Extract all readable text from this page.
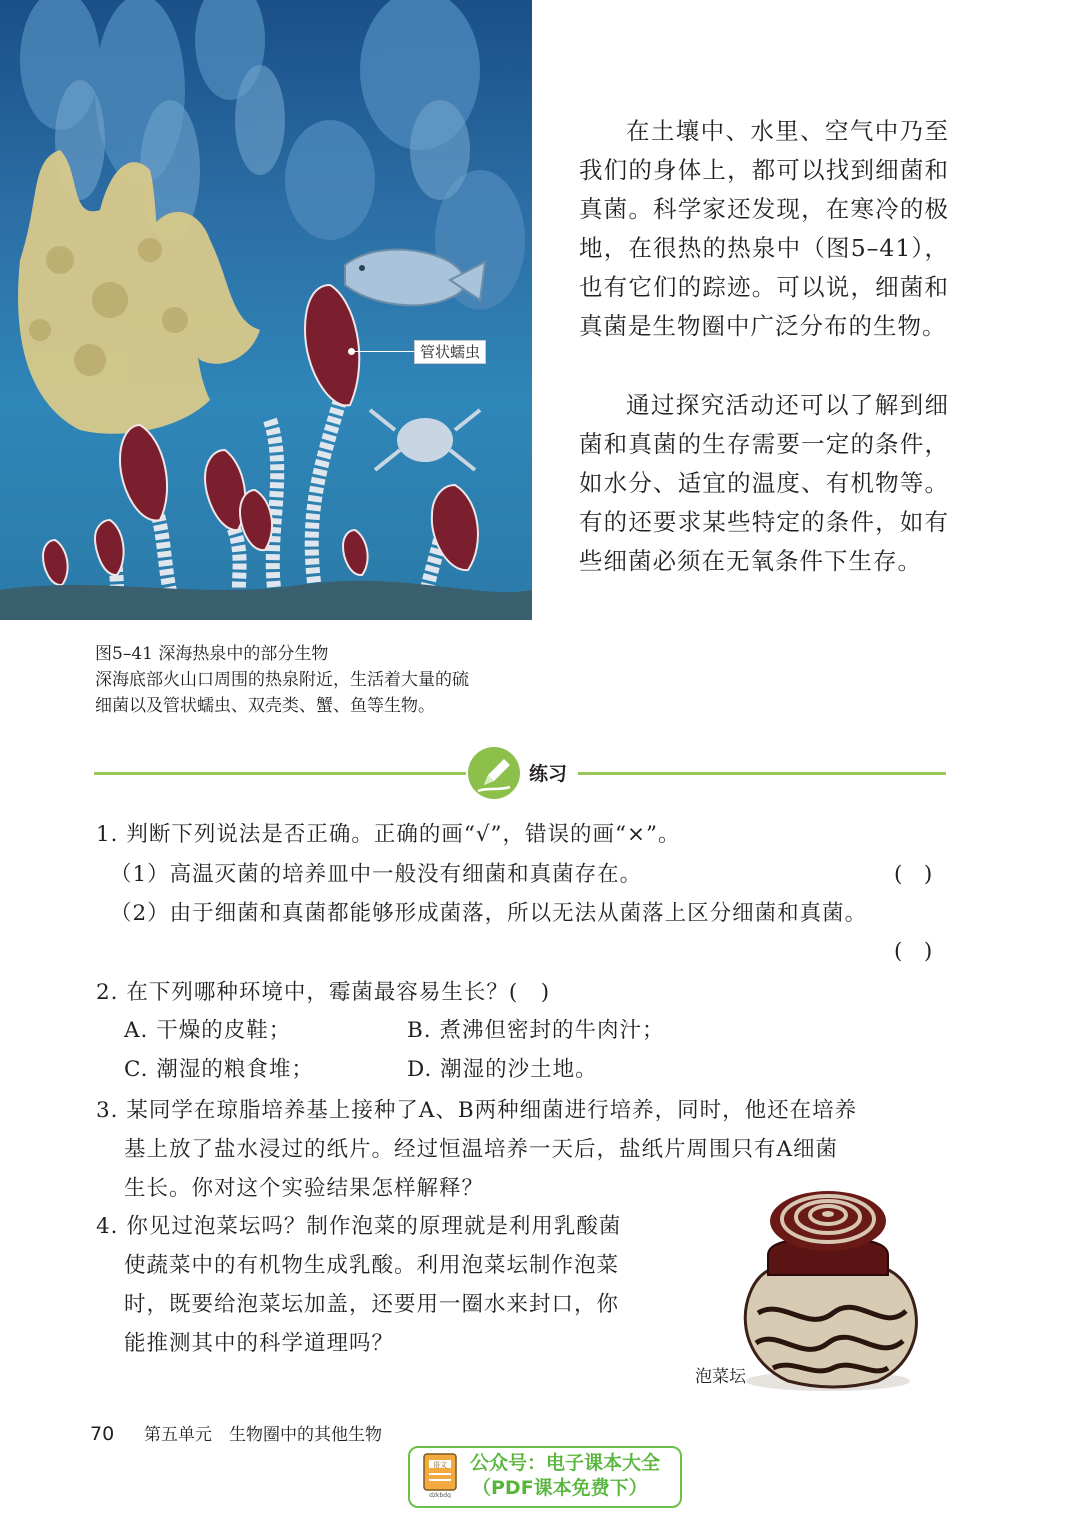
管状蠕虫

在土壤中、水里、空气中乃至我们的身体上，都可以找到细菌和真菌。科学家还发现，在寒冷的极地，在很热的热泉中（图5–41），也有它们的踪迹。可以说，细菌和真菌是生物圈中广泛分布的生物。

通过探究活动还可以了解到细菌和真菌的生存需要一定的条件，如水分、适宜的温度、有机物等。有的还要求某些特定的条件，如有些细菌必须在无氧条件下生存。

图5–41 深海热泉中的部分生物
深海底部火山口周围的热泉附近，生活着大量的硫
细菌以及管状蠕虫、双壳类、蟹、鱼等生物。
练习
1. 判断下列说法是否正确。正确的画“√”，错误的画“×”。
（1）高温灭菌的培养皿中一般没有细菌和真菌存在。	(　)
（2）由于细菌和真菌都能够形成菌落，所以无法从菌落上区分细菌和真菌。
(　)
2. 在下列哪种环境中，霉菌最容易生长？(　)
A. 干燥的皮鞋；	B. 煮沸但密封的牛肉汁；
C. 潮湿的粮食堆；	D. 潮湿的沙土地。
3. 某同学在琼脂培养基上接种了A、B两种细菌进行培养，同时，他还在培养
基上放了盐水浸过的纸片。经过恒温培养一天后，盐纸片周围只有A细菌
生长。你对这个实验结果怎样解释？
4. 你见过泡菜坛吗？制作泡菜的原理就是利用乳酸菌
使蔬菜中的有机物生成乳酸。利用泡菜坛制作泡菜
时，既要给泡菜坛加盖，还要用一圈水来封口，你
能推测其中的科学道理吗？
泡菜坛
70 第五单元　生物圈中的其他生物
语文
dzkbdq
公众号：电子课本大全
（PDF课本免费下）
